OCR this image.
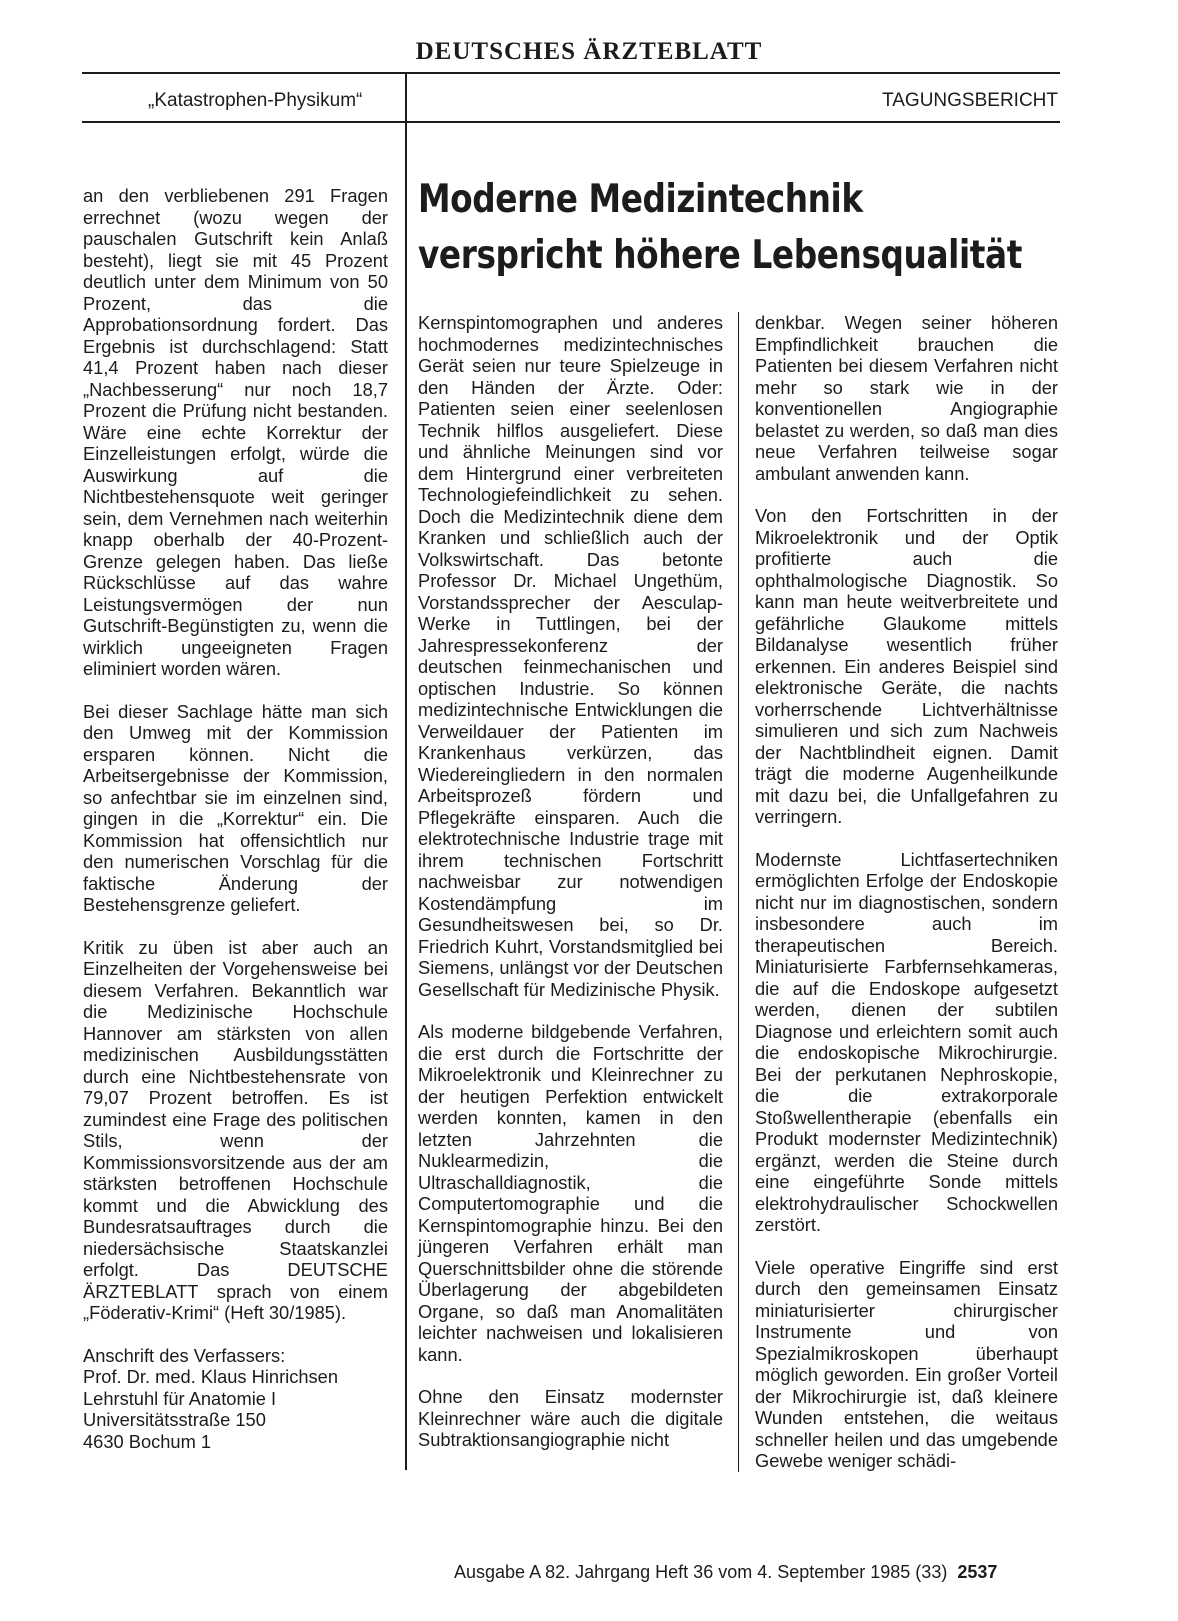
DEUTSCHES ÄRZTEBLATT

„Katastrophen-Physikum“	TAGUNGSBERICHT

an den verbliebenen 291 Fragen errechnet (wozu wegen der pauschalen Gutschrift kein Anlaß besteht), liegt sie mit 45 Prozent deutlich unter dem Minimum von 50 Prozent, das die Approbationsordnung fordert. Das Ergebnis ist durchschlagend: Statt 41,4 Prozent haben nach dieser „Nachbesserung“ nur noch 18,7 Prozent die Prüfung nicht bestanden. Wäre eine echte Korrektur der Einzelleistungen erfolgt, würde die Auswirkung auf die Nichtbestehensquote weit geringer sein, dem Vernehmen nach weiterhin knapp oberhalb der 40-Prozent-Grenze gelegen haben. Das ließe Rückschlüsse auf das wahre Leistungsvermögen der nun Gutschrift-Begünstigten zu, wenn die wirklich ungeeigneten Fragen eliminiert worden wären.

Bei dieser Sachlage hätte man sich den Umweg mit der Kommission ersparen können. Nicht die Arbeitsergebnisse der Kommission, so anfechtbar sie im einzelnen sind, gingen in die „Korrektur“ ein. Die Kommission hat offensichtlich nur den numerischen Vorschlag für die faktische Änderung der Bestehensgrenze geliefert.

Kritik zu üben ist aber auch an Einzelheiten der Vorgehensweise bei diesem Verfahren. Bekanntlich war die Medizinische Hochschule Hannover am stärksten von allen medizinischen Ausbildungsstätten durch eine Nichtbestehensrate von 79,07 Prozent betroffen. Es ist zumindest eine Frage des politischen Stils, wenn der Kommissionsvorsitzende aus der am stärksten betroffenen Hochschule kommt und die Abwicklung des Bundesratsauftrages durch die niedersächsische Staatskanzlei erfolgt. Das DEUTSCHE ÄRZTEBLATT sprach von einem „Föderativ-Krimi“ (Heft 30/1985).

Anschrift des Verfassers:

Prof. Dr. med. Klaus Hinrichsen

Lehrstuhl für Anatomie I

Universitätsstraße 150

4630 Bochum 1

Moderne Medizintechnik
verspricht höhere Lebensqualität

Kernspintomographen und anderes hochmodernes medizintechnisches Gerät seien nur teure Spielzeuge in den Händen der Ärzte. Oder: Patienten seien einer seelenlosen Technik hilflos ausgeliefert. Diese und ähnliche Meinungen sind vor dem Hintergrund einer verbreiteten Technologiefeindlichkeit zu sehen. Doch die Medizintechnik diene dem Kranken und schließlich auch der Volkswirtschaft. Das betonte Professor Dr. Michael Ungethüm, Vorstandssprecher der Aesculap-Werke in Tuttlingen, bei der Jahrespressekonferenz der deutschen feinmechanischen und optischen Industrie. So können medizintechnische Entwicklungen die Verweildauer der Patienten im Krankenhaus verkürzen, das Wiedereingliedern in den normalen Arbeitsprozeß fördern und Pflegekräfte einsparen. Auch die elektrotechnische Industrie trage mit ihrem technischen Fortschritt nachweisbar zur notwendigen Kostendämpfung im Gesundheitswesen bei, so Dr. Friedrich Kuhrt, Vorstandsmitglied bei Siemens, unlängst vor der Deutschen Gesellschaft für Medizinische Physik.

Als moderne bildgebende Verfahren, die erst durch die Fortschritte der Mikroelektronik und Kleinrechner zu der heutigen Perfektion entwickelt werden konnten, kamen in den letzten Jahrzehnten die Nuklearmedizin, die Ultraschalldiagnostik, die Computertomographie und die Kernspintomographie hinzu. Bei den jüngeren Verfahren erhält man Querschnittsbilder ohne die störende Überlagerung der abgebildeten Organe, so daß man Anomalitäten leichter nachweisen und lokalisieren kann.

Ohne den Einsatz modernster Kleinrechner wäre auch die digitale Subtraktionsangiographie nicht

denkbar. Wegen seiner höheren Empfindlichkeit brauchen die Patienten bei diesem Verfahren nicht mehr so stark wie in der konventionellen Angiographie belastet zu werden, so daß man dies neue Verfahren teilweise sogar ambulant anwenden kann.

Von den Fortschritten in der Mikroelektronik und der Optik profitierte auch die ophthalmologische Diagnostik. So kann man heute weitverbreitete und gefährliche Glaukome mittels Bildanalyse wesentlich früher erkennen. Ein anderes Beispiel sind elektronische Geräte, die nachts vorherrschende Lichtverhältnisse simulieren und sich zum Nachweis der Nachtblindheit eignen. Damit trägt die moderne Augenheilkunde mit dazu bei, die Unfallgefahren zu verringern.

Modernste Lichtfasertechniken ermöglichten Erfolge der Endoskopie nicht nur im diagnostischen, sondern insbesondere auch im therapeutischen Bereich. Miniaturisierte Farbfernsehkameras, die auf die Endoskope aufgesetzt werden, dienen der subtilen Diagnose und erleichtern somit auch die endoskopische Mikrochirurgie. Bei der perkutanen Nephroskopie, die die extrakorporale Stoßwellentherapie (ebenfalls ein Produkt modernster Medizintechnik) ergänzt, werden die Steine durch eine eingeführte Sonde mittels elektrohydraulischer Schockwellen zerstört.

Viele operative Eingriffe sind erst durch den gemeinsamen Einsatz miniaturisierter chirurgischer Instrumente und von Spezialmikroskopen überhaupt möglich geworden. Ein großer Vorteil der Mikrochirurgie ist, daß kleinere Wunden entstehen, die weitaus schneller heilen und das umgebende Gewebe weniger schädi-

Ausgabe A 82. Jahrgang Heft 36 vom 4. September 1985 (33) 2537
